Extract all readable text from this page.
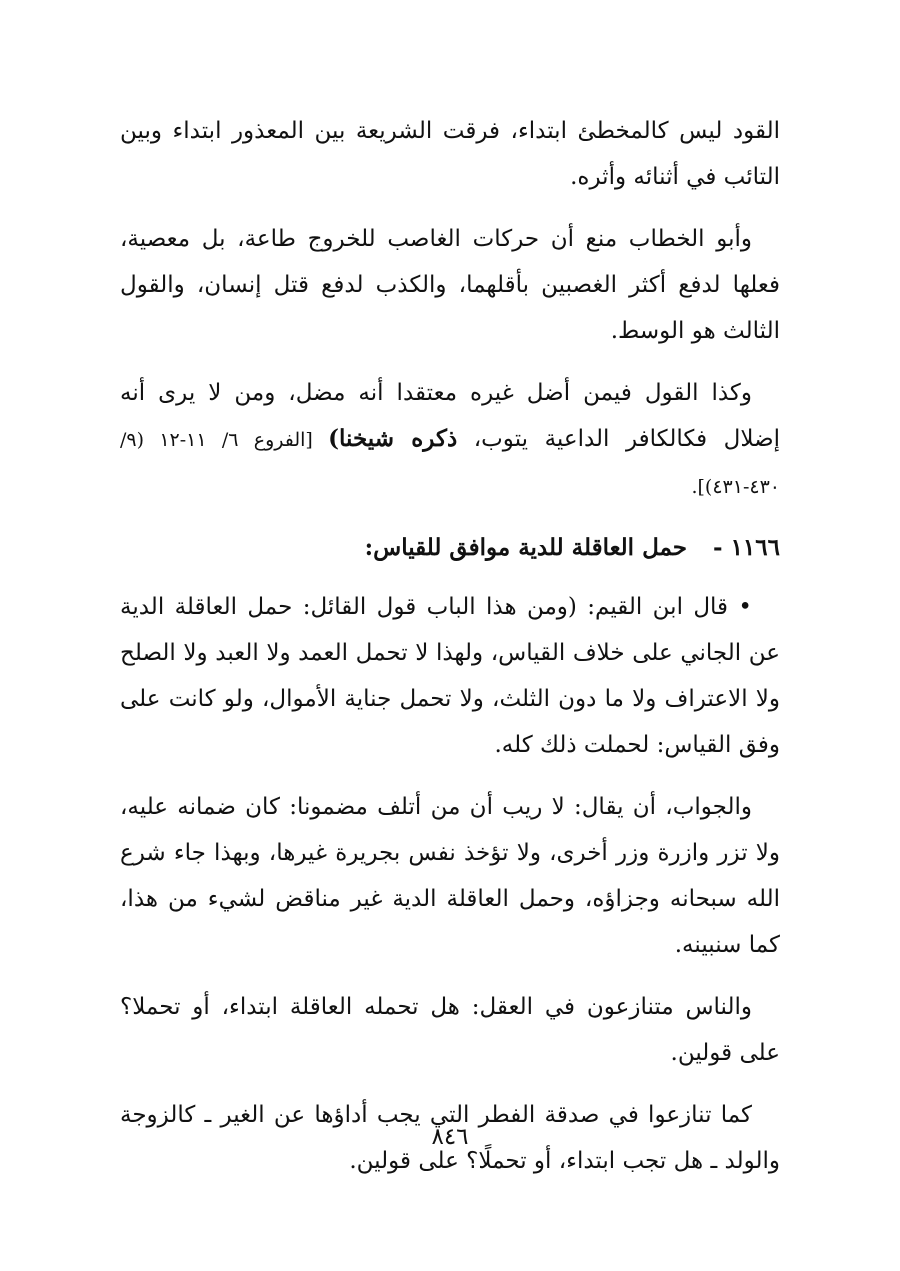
القود ليس كالمخطئ ابتداء، فرقت الشريعة بين المعذور ابتداء وبين التائب في أثنائه وأثره.

وأبو الخطاب منع أن حركات الغاصب للخروج طاعة، بل معصية، فعلها لدفع أكثر الغصبين بأقلهما، والكذب لدفع قتل إنسان، والقول الثالث هو الوسط.

وكذا القول فيمن أضل غيره معتقدا أنه مضل، ومن لا يرى أنه إضلال فكالكافر الداعية يتوب، ذكره شيخنا) [الفروع ٦/ ١١-١٢ (٩/ ٤٣٠-٤٣١)].

١١٦٦ -حمل العاقلة للدية موافق للقياس:

• قال ابن القيم: (ومن هذا الباب قول القائل: حمل العاقلة الدية عن الجاني على خلاف القياس، ولهذا لا تحمل العمد ولا العبد ولا الصلح ولا الاعتراف ولا ما دون الثلث، ولا تحمل جناية الأموال، ولو كانت على وفق القياس: لحملت ذلك كله.

والجواب، أن يقال: لا ريب أن من أتلف مضمونا: كان ضمانه عليه، ولا تزر وازرة وزر أخرى، ولا تؤخذ نفس بجريرة غيرها، وبهذا جاء شرع الله سبحانه وجزاؤه، وحمل العاقلة الدية غير مناقض لشيء من هذا، كما سنبينه.

والناس متنازعون في العقل: هل تحمله العاقلة ابتداء، أو تحملا؟ على قولين.

كما تنازعوا في صدقة الفطر التي يجب أداؤها عن الغير ـ كالزوجة والولد ـ هل تجب ابتداء، أو تحملًا؟ على قولين.

٨٤٦
